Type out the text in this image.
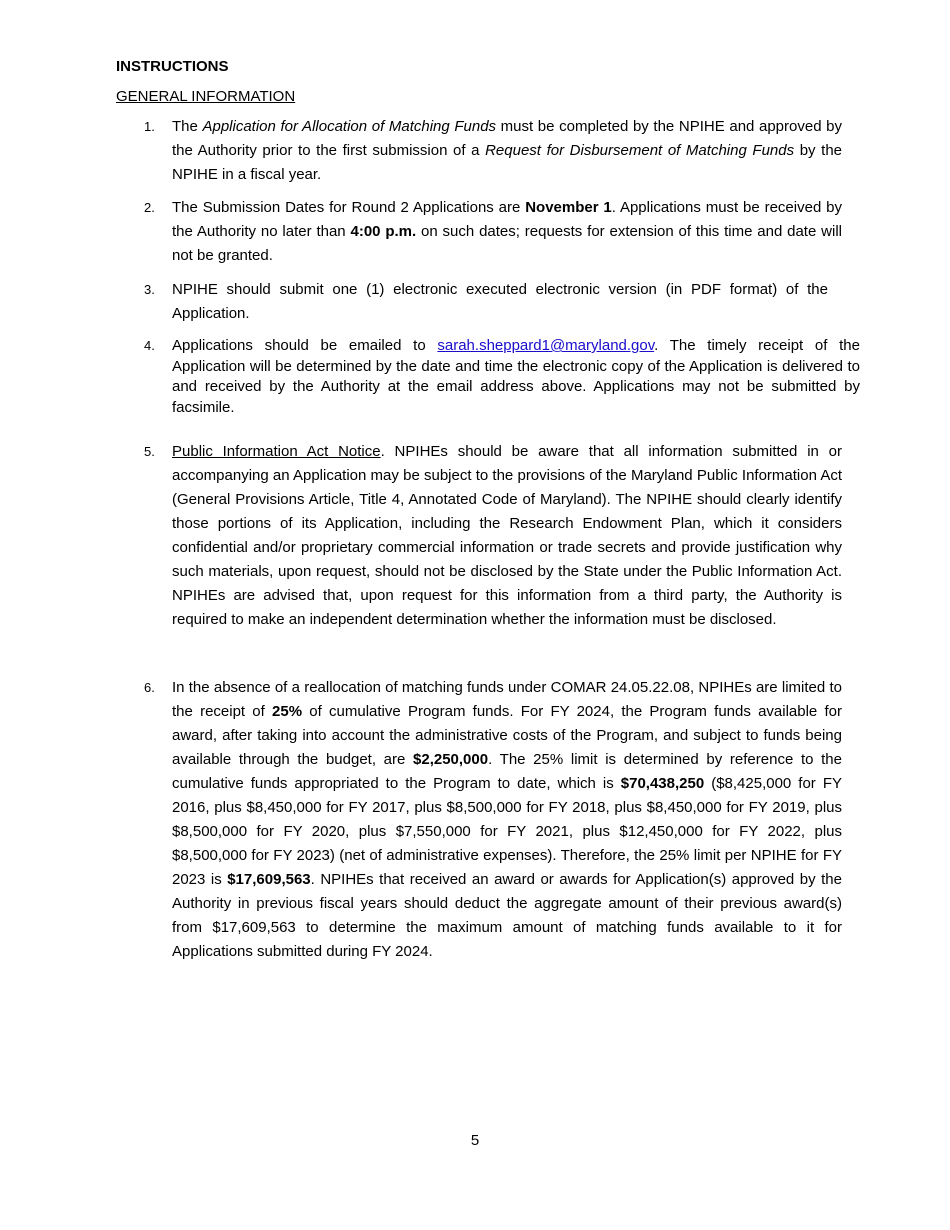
INSTRUCTIONS
GENERAL INFORMATION
1. The Application for Allocation of Matching Funds must be completed by the NPIHE and approved by the Authority prior to the first submission of a Request for Disbursement of Matching Funds by the NPIHE in a fiscal year.
2. The Submission Dates for Round 2 Applications are November 1. Applications must be received by the Authority no later than 4:00 p.m. on such dates; requests for extension of this time and date will not be granted.
3. NPIHE should submit one (1) electronic executed electronic version (in PDF format) of the Application.
4. Applications should be emailed to sarah.sheppard1@maryland.gov. The timely receipt of the Application will be determined by the date and time the electronic copy of the Application is delivered to and received by the Authority at the email address above. Applications may not be submitted by facsimile.
5. Public Information Act Notice. NPIHEs should be aware that all information submitted in or accompanying an Application may be subject to the provisions of the Maryland Public Information Act (General Provisions Article, Title 4, Annotated Code of Maryland). The NPIHE should clearly identify those portions of its Application, including the Research Endowment Plan, which it considers confidential and/or proprietary commercial information or trade secrets and provide justification why such materials, upon request, should not be disclosed by the State under the Public Information Act. NPIHEs are advised that, upon request for this information from a third party, the Authority is required to make an independent determination whether the information must be disclosed.
6. In the absence of a reallocation of matching funds under COMAR 24.05.22.08, NPIHEs are limited to the receipt of 25% of cumulative Program funds. For FY 2024, the Program funds available for award, after taking into account the administrative costs of the Program, and subject to funds being available through the budget, are $2,250,000. The 25% limit is determined by reference to the cumulative funds appropriated to the Program to date, which is $70,438,250 ($8,425,000 for FY 2016, plus $8,450,000 for FY 2017, plus $8,500,000 for FY 2018, plus $8,450,000 for FY 2019, plus $8,500,000 for FY 2020, plus $7,550,000 for FY 2021, plus $12,450,000 for FY 2022, plus $8,500,000 for FY 2023) (net of administrative expenses). Therefore, the 25% limit per NPIHE for FY 2023 is $17,609,563. NPIHEs that received an award or awards for Application(s) approved by the Authority in previous fiscal years should deduct the aggregate amount of their previous award(s) from $17,609,563 to determine the maximum amount of matching funds available to it for Applications submitted during FY 2024.
5
